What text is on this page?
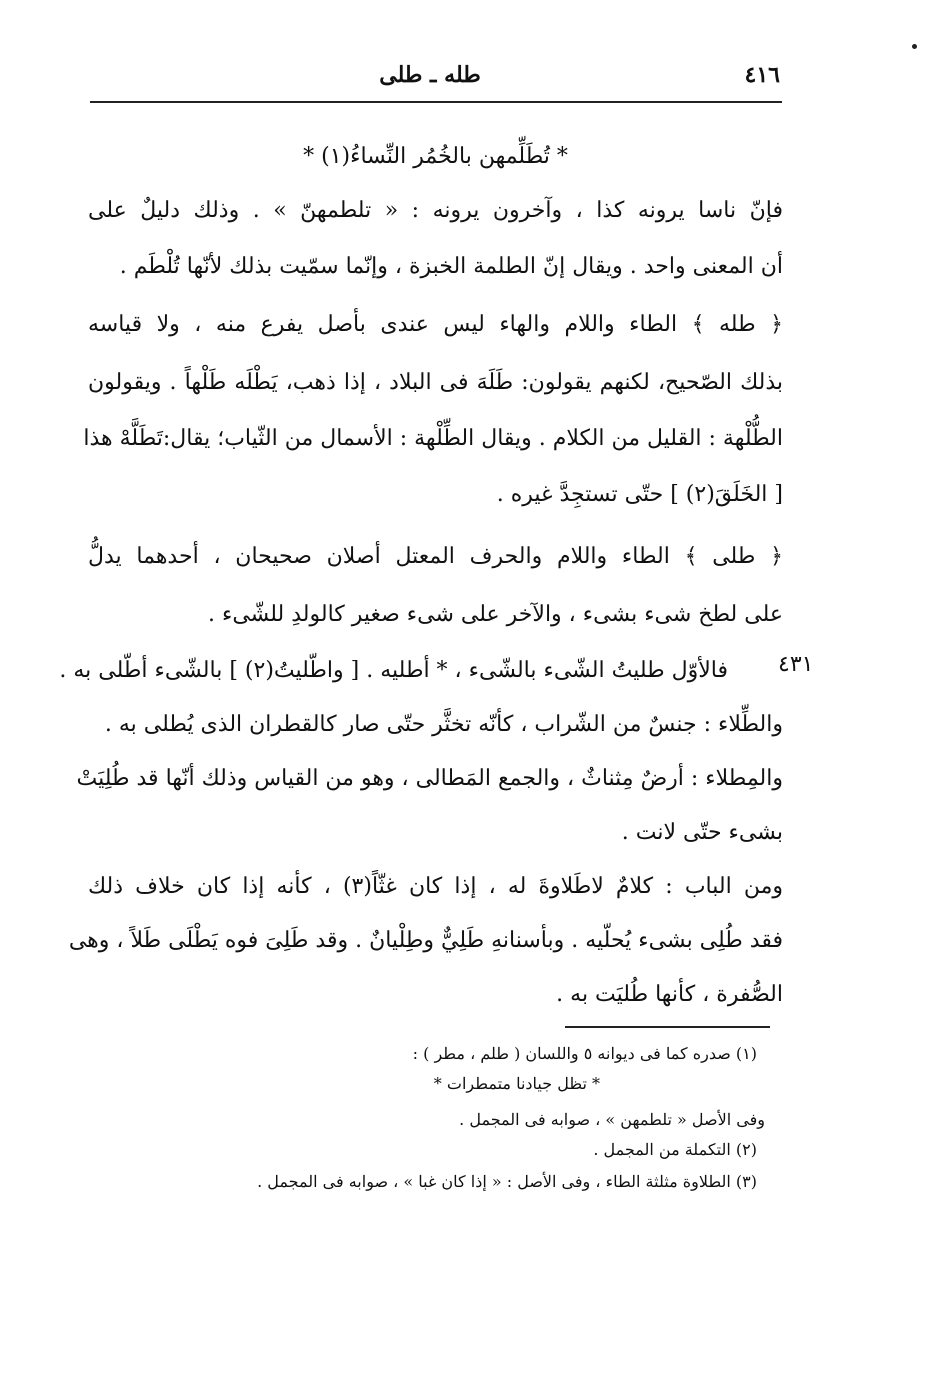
٤١٦
طله ـ طلى
٤٣١
* تُطَلِّمهن بالخُمُر النِّساءُ(١) *
فإنّ ناسا يرونه كذا ، وآخرون يرونه : « تلطمهنّ » . وذلك دليلٌ على
أن المعنى واحد . ويقال إنّ الطلمة الخبزة ، وإنّما سمّيت بذلك لأنّها تُلْطَم .
﴿ طله ﴾ الطاء واللام والهاء ليس عندى بأصل يفرع منه ، ولا قياسه
بذلك الصّحيح، لكنهم يقولون: طَلَهَ فى البلاد ، إذا ذهب، يَطْلَه طَلْهاً . ويقولون
الطُّلْهة : القليل من الكلام . ويقال الطِّلْهة : الأسمال من الثّياب؛ يقال:تَطَلَّهْ هذا
[ الخَلَقَ(٢) ] حتّى تستجِدَّ غيره .
﴿ طلى ﴾ الطاء واللام والحرف المعتل أصلان صحيحان ، أحدهما يدلُّ
على لطخ شىء بشىء ، والآخر على شىء صغير كالولدِ للشّىء .
فالأوّل طليتُ الشّىء بالشّىء ، * أطليه . [ واطّليتُ(٢) ] بالشّىء أطّلى به .
والطِّلاء : جنسٌ من الشّراب ، كأنّه تخثَّر حتّى صار كالقطران الذى يُطلى به .
والمِطلاء : أرضٌ مِثناثٌ ، والجمع المَطالى ، وهو من القياس وذلك أنّها قد طُلِيَتْ
بشىء حتّى لانت .
ومن الباب : كلامٌ لاطَلاوةَ له ، إذا كان غثّاً(٣) ، كأنه إذا كان خلاف ذلك
فقد طُلِى بشىء يُحلّيه . وبأسنانهِ طَلِيٌّ وطِلْيانٌ . وقد طَلِىَ فوه يَطْلَى طَلاً ، وهى
الصُّفرة ، كأنها طُليَت به .
(١) صدره كما فى ديوانه ٥ واللسان ( طلم ، مطر ) :
* تظل جيادنا متمطرات *
وفى الأصل « تلطمهن » ، صوابه فى المجمل .
(٢) التكملة من المجمل .
(٣) الطلاوة مثلثة الطاء ، وفى الأصل : « إذا كان غبا » ، صوابه فى المجمل .
